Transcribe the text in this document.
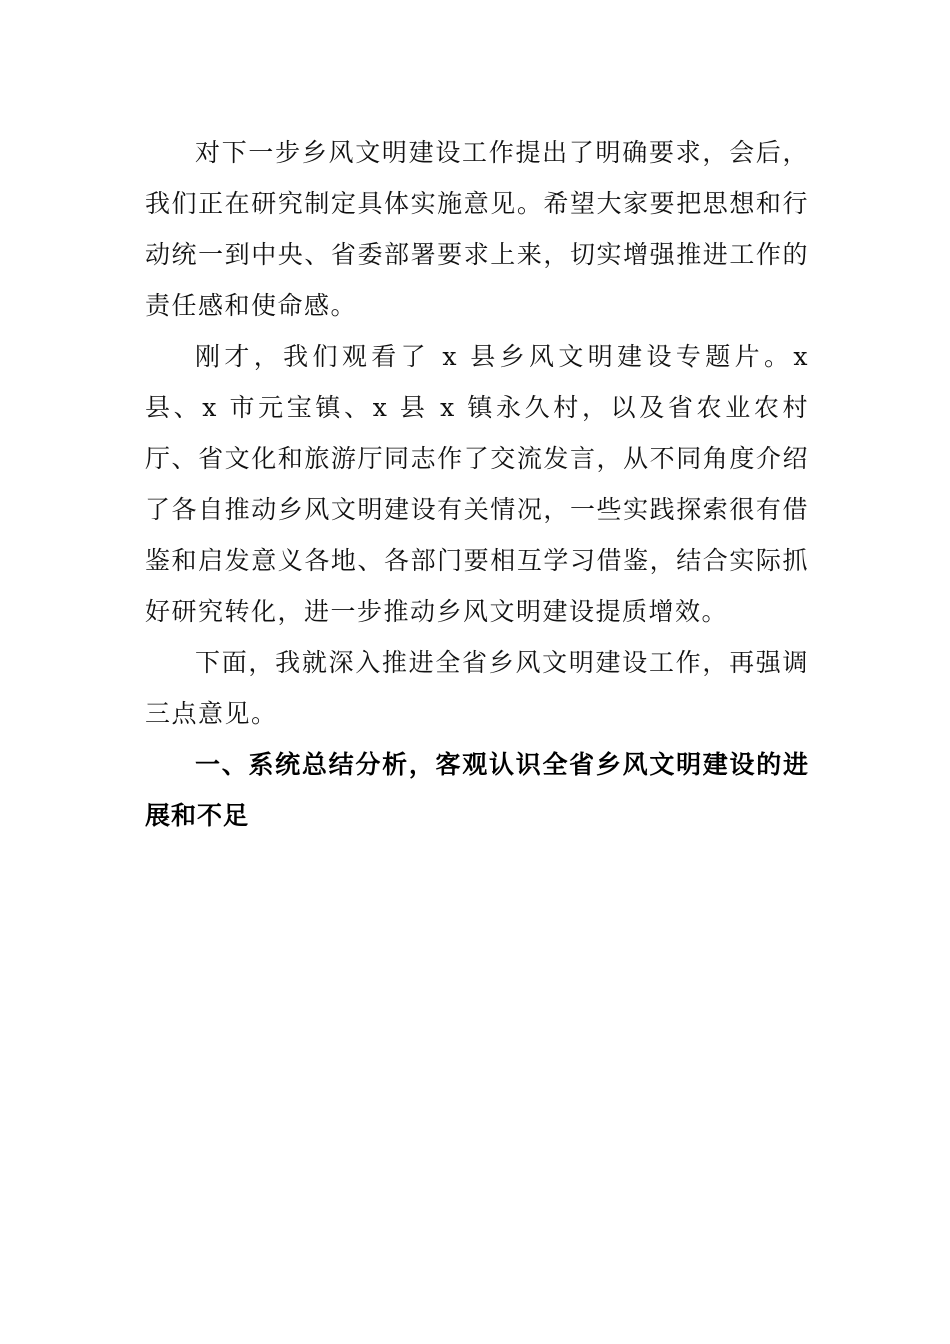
对下一步乡风文明建设工作提出了明确要求，会后，我们正在研究制定具体实施意见。希望大家要把思想和行动统一到中央、省委部署要求上来，切实增强推进工作的责任感和使命感。

刚才，我们观看了 x 县乡风文明建设专题片。x 县、x 市元宝镇、x 县 x 镇永久村，以及省农业农村厅、省文化和旅游厅同志作了交流发言，从不同角度介绍了各自推动乡风文明建设有关情况，一些实践探索很有借鉴和启发意义各地、各部门要相互学习借鉴，结合实际抓好研究转化，进一步推动乡风文明建设提质增效。

下面，我就深入推进全省乡风文明建设工作，再强调三点意见。

一、系统总结分析，客观认识全省乡风文明建设的进展和不足
